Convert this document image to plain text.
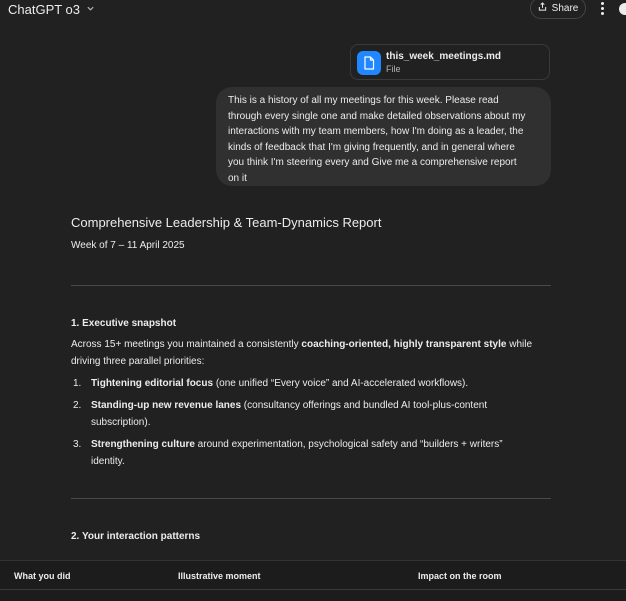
ChatGPT o3	Share
this_week_meetings.md
File
This is a history of all my meetings for this week. Please read
through every single one and make detailed observations about my
interactions with my team members, how I'm doing as a leader, the
kinds of feedback that I'm giving frequently, and in general where
you think I'm steering every and Give me a comprehensive report
on it
Comprehensive Leadership & Team-Dynamics Report
Week of 7 – 11 April 2025
1. Executive snapshot
Across 15+ meetings you maintained a consistently coaching-oriented, highly transparent style while
driving three parallel priorities:
1. Tightening editorial focus (one unified “Every voice” and AI-accelerated workflows).
2. Standing-up new revenue lanes (consultancy offerings and bundled AI tool-plus-content
subscription).
3. Strengthening culture around experimentation, psychological safety and “builders + writers”
identity.
2. Your interaction patterns
What you did	Illustrative moment	Impact on the room
